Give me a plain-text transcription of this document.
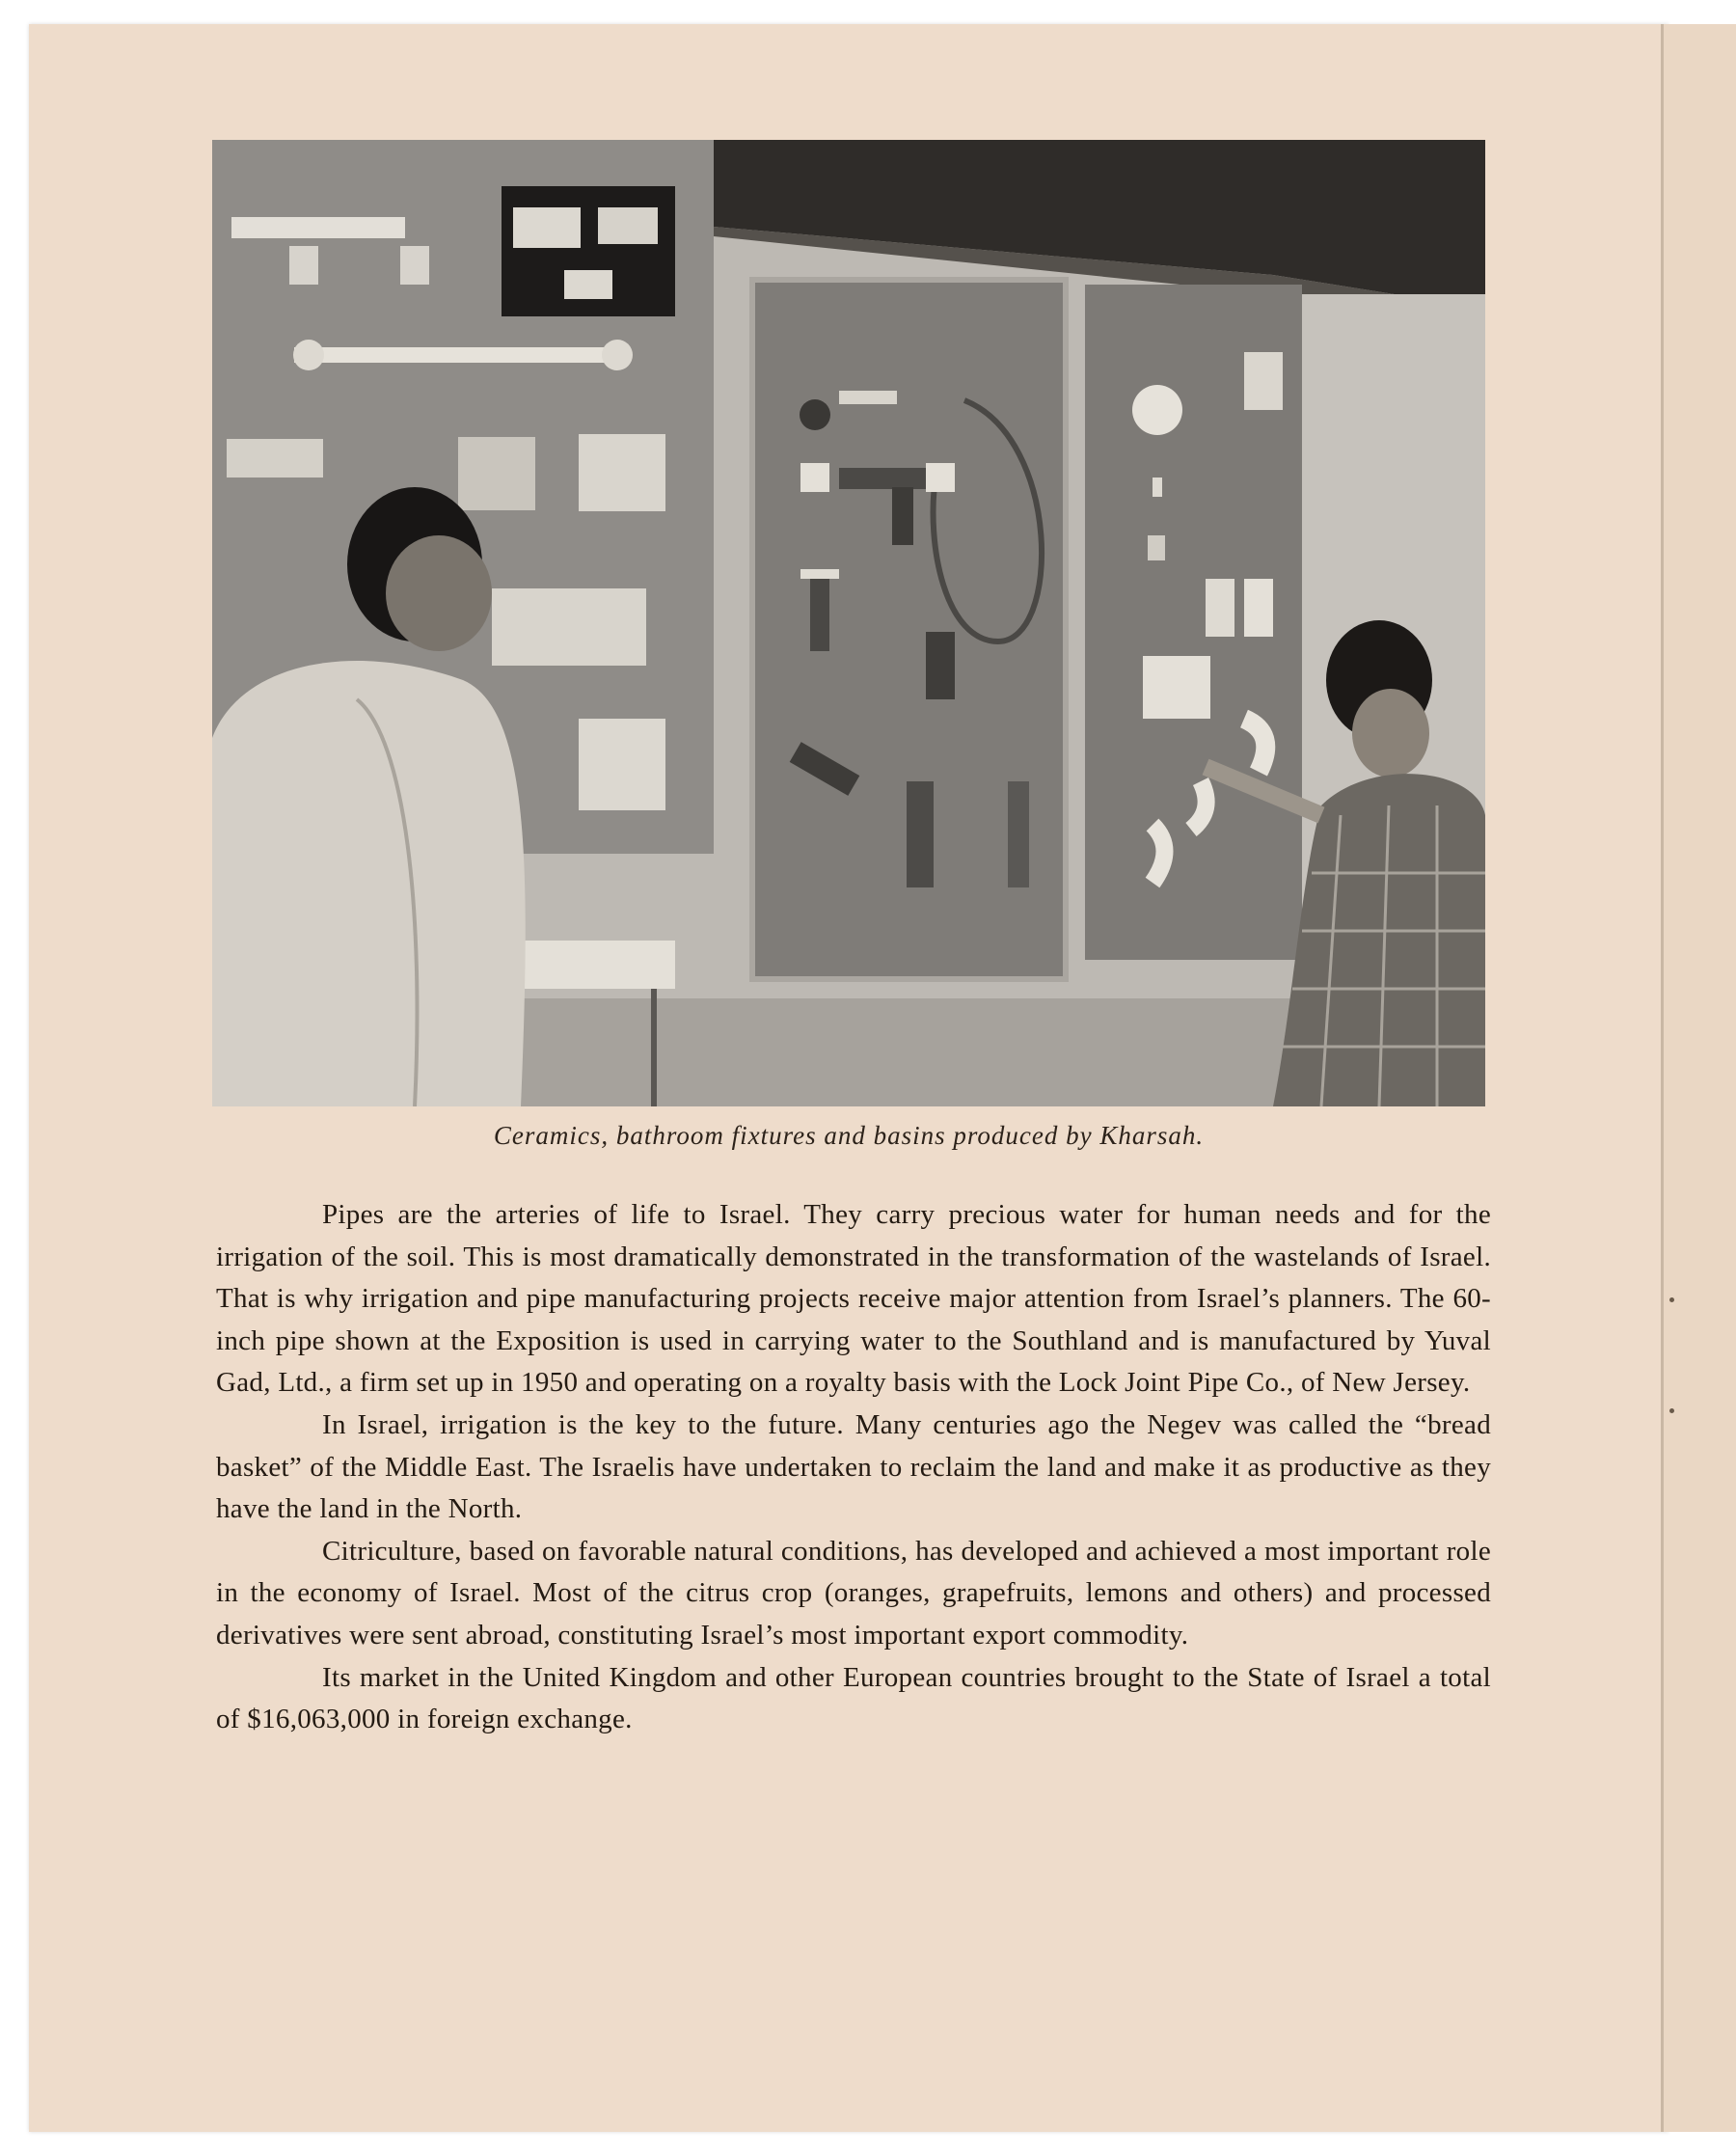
Ceramics, bathroom fixtures and basins produced by Kharsah.

Pipes are the arteries of life to Israel. They carry precious water for human needs and for the irrigation of the soil. This is most dramatically demonstrated in the transformation of the wastelands of Israel. That is why irrigation and pipe manufacturing projects receive major attention from Israel’s planners. The 60-inch pipe shown at the Exposition is used in carrying water to the Southland and is manufactured by Yuval Gad, Ltd., a firm set up in 1950 and operating on a royalty basis with the Lock Joint Pipe Co., of New Jersey.

In Israel, irrigation is the key to the future. Many centuries ago the Negev was called the “bread basket” of the Middle East. The Israelis have undertaken to reclaim the land and make it as productive as they have the land in the North.

Citriculture, based on favorable natural conditions, has developed and achieved a most important role in the economy of Israel. Most of the citrus crop (oranges, grapefruits, lemons and others) and processed derivatives were sent abroad, constituting Israel’s most important export commodity.

Its market in the United Kingdom and other European countries brought to the State of Israel a total of $16,063,000 in foreign exchange.
